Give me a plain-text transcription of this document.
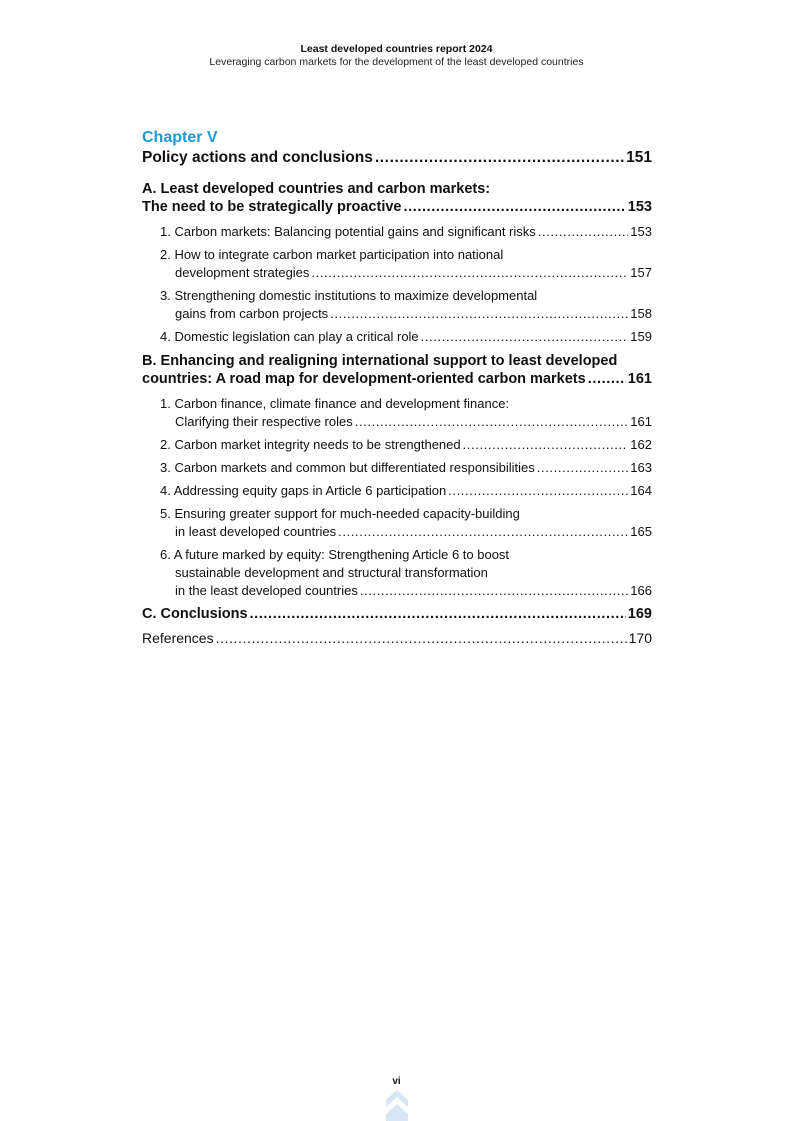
Least developed countries report 2024
Leveraging carbon markets for the development of the least developed countries
Chapter V
Policy actions and conclusions .....	151
A. Least developed countries and carbon markets:
The need to be strategically proactive .....	153
1. Carbon markets: Balancing potential gains and significant risks .....	153
2. How to integrate carbon market participation into national
development strategies .....	157
3. Strengthening domestic institutions to maximize developmental
gains from carbon projects .....	158
4. Domestic legislation can play a critical role .....	159
B. Enhancing and realigning international support to least developed
countries: A road map for development-oriented carbon markets .....	161
1. Carbon finance, climate finance and development finance:
Clarifying their respective roles .....	161
2. Carbon market integrity needs to be strengthened .....	162
3. Carbon markets and common but differentiated responsibilities .....	163
4. Addressing equity gaps in Article 6 participation .....	164
5. Ensuring greater support for much-needed capacity-building
in least developed countries .....	165
6. A future marked by equity: Strengthening Article 6 to boost
sustainable development and structural transformation
in the least developed countries .....	166
C. Conclusions .....	169
References .....	170
vi
